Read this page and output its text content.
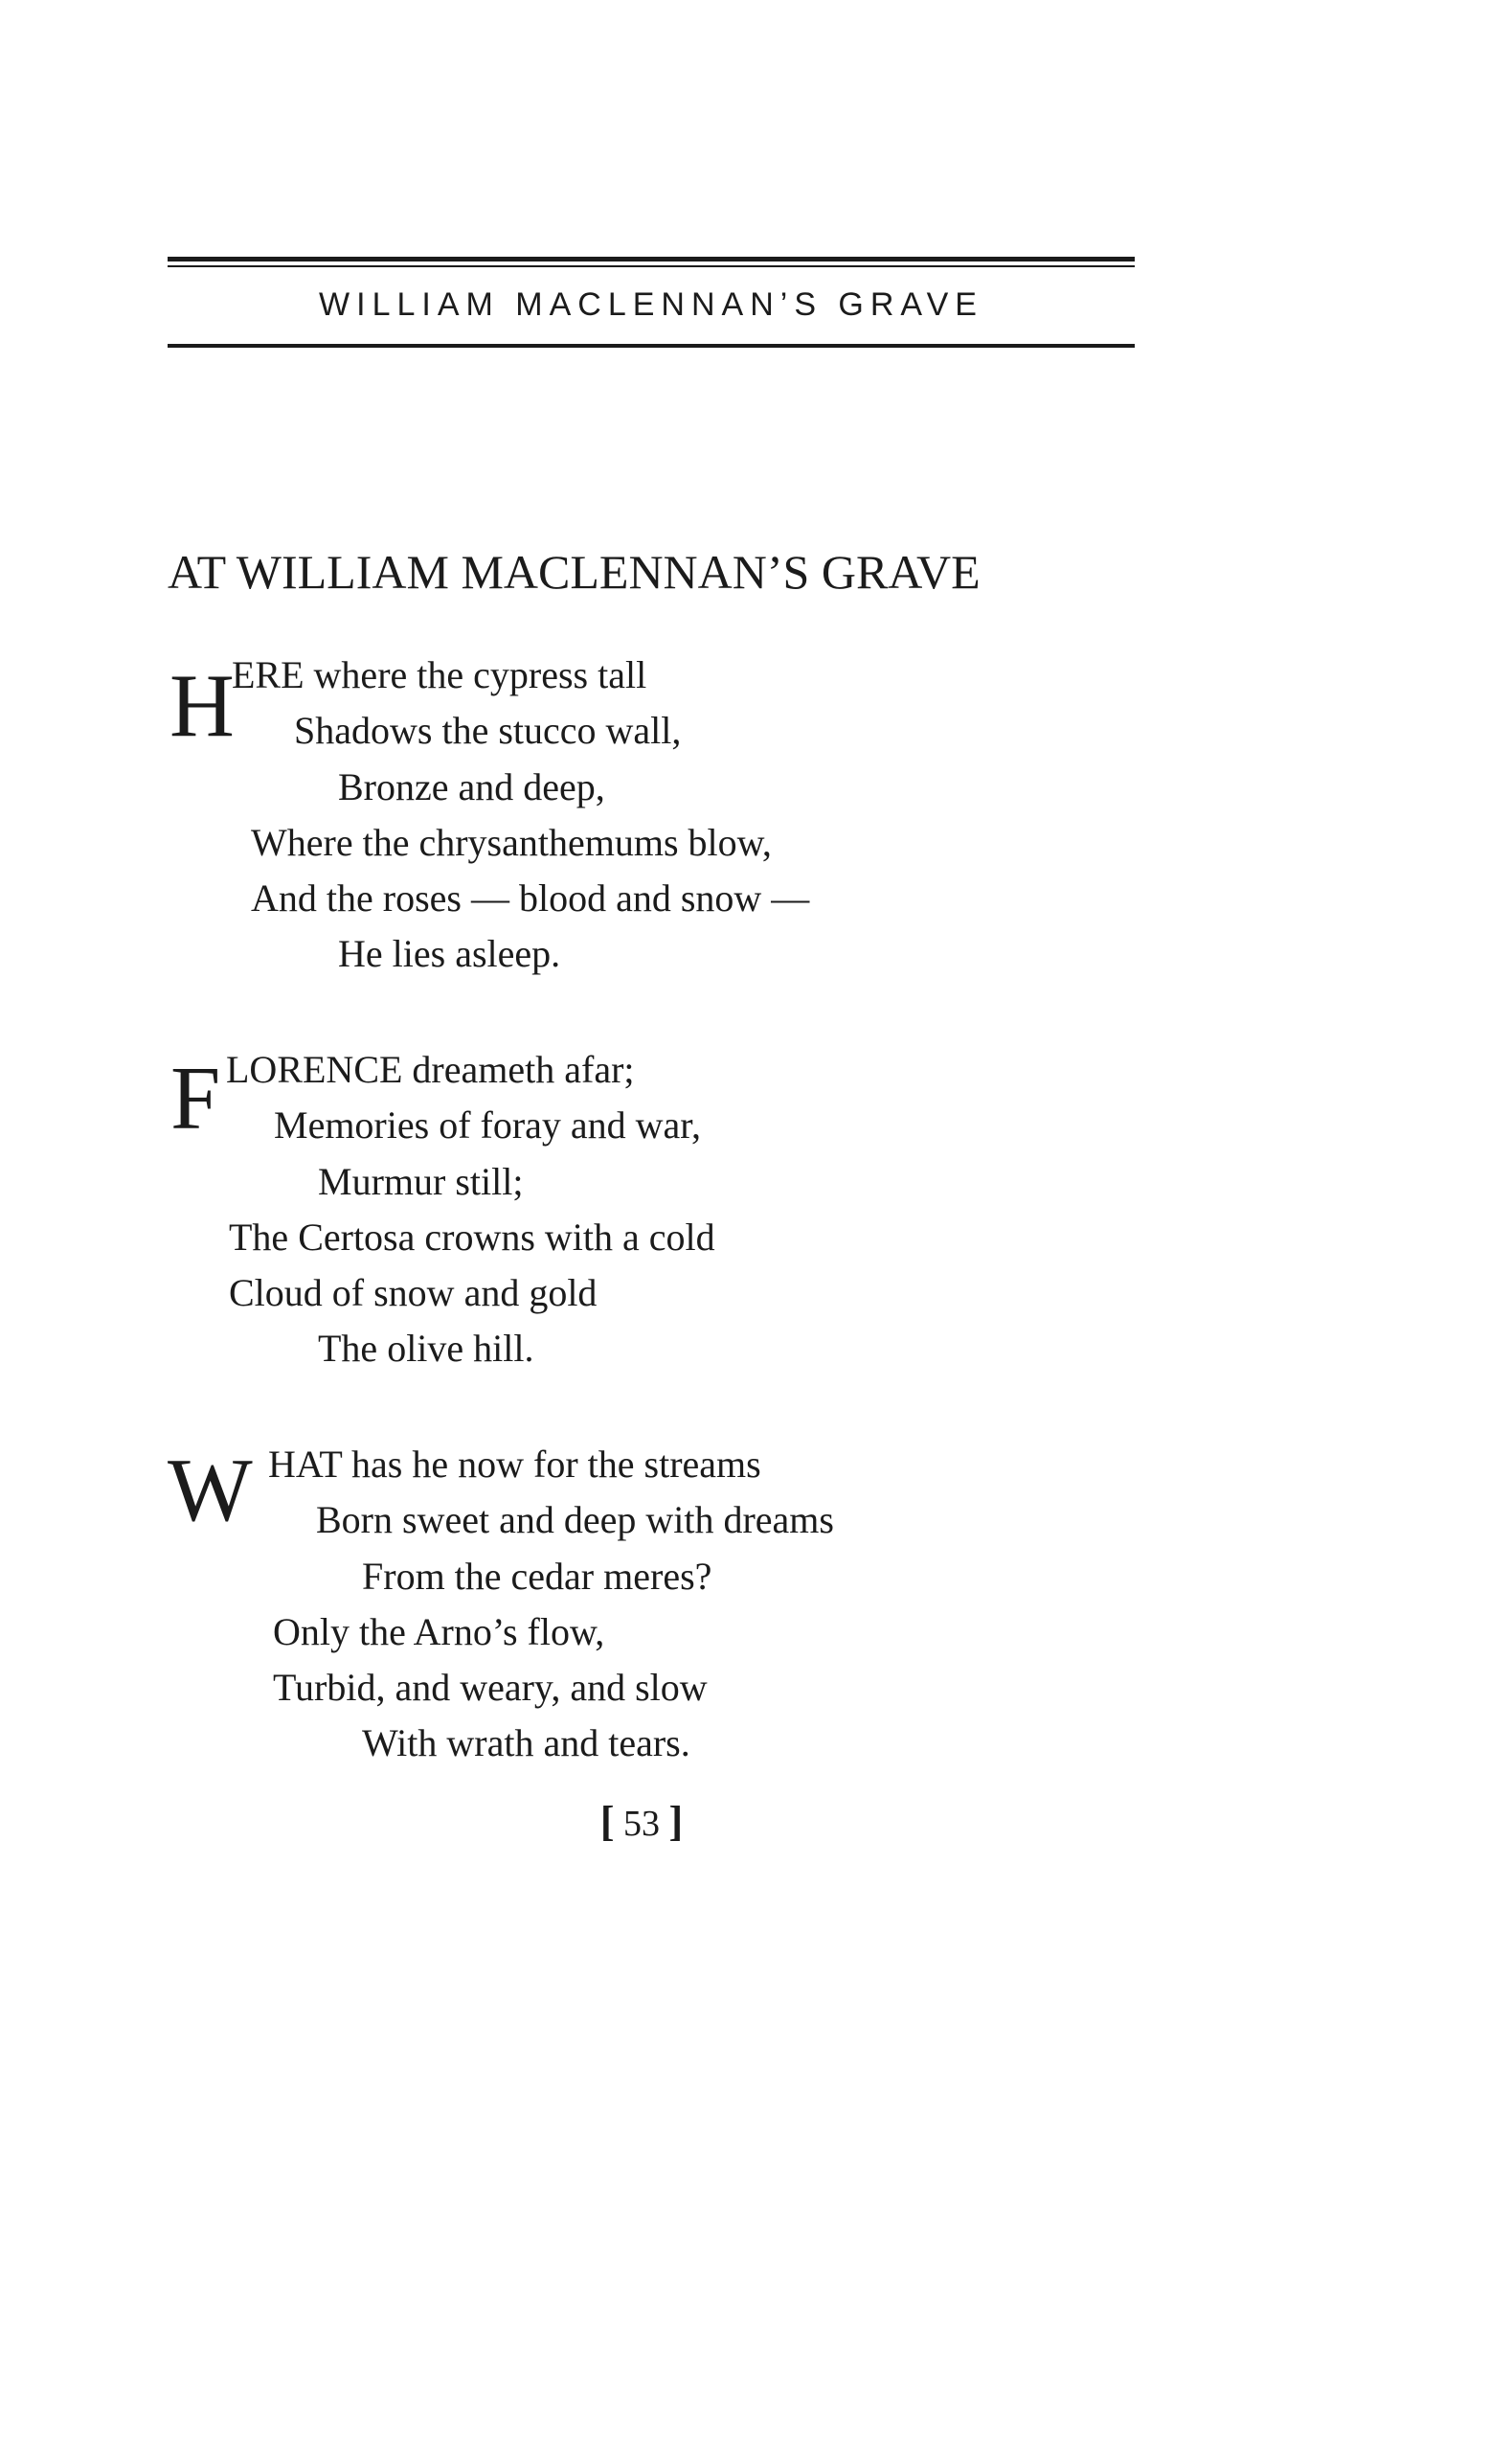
WILLIAM MACLENNAN’S GRAVE
AT WILLIAM MACLENNAN’S GRAVE
H
ERE where the cypress tall
Shadows the stucco wall,
Bronze and deep,
Where the chrysanthemums blow,
And the roses — blood and snow —
He lies asleep.
F LORENCE dreameth afar;
Memories of foray and war,
Murmur still;
The Certosa crowns with a cold
Cloud of snow and gold
The olive hill.
W HAT has he now for the streams
Born sweet and deep with dreams
From the cedar meres?
Only the Arno’s flow,
Turbid, and weary, and slow
With wrath and tears.
[ 53 ]
